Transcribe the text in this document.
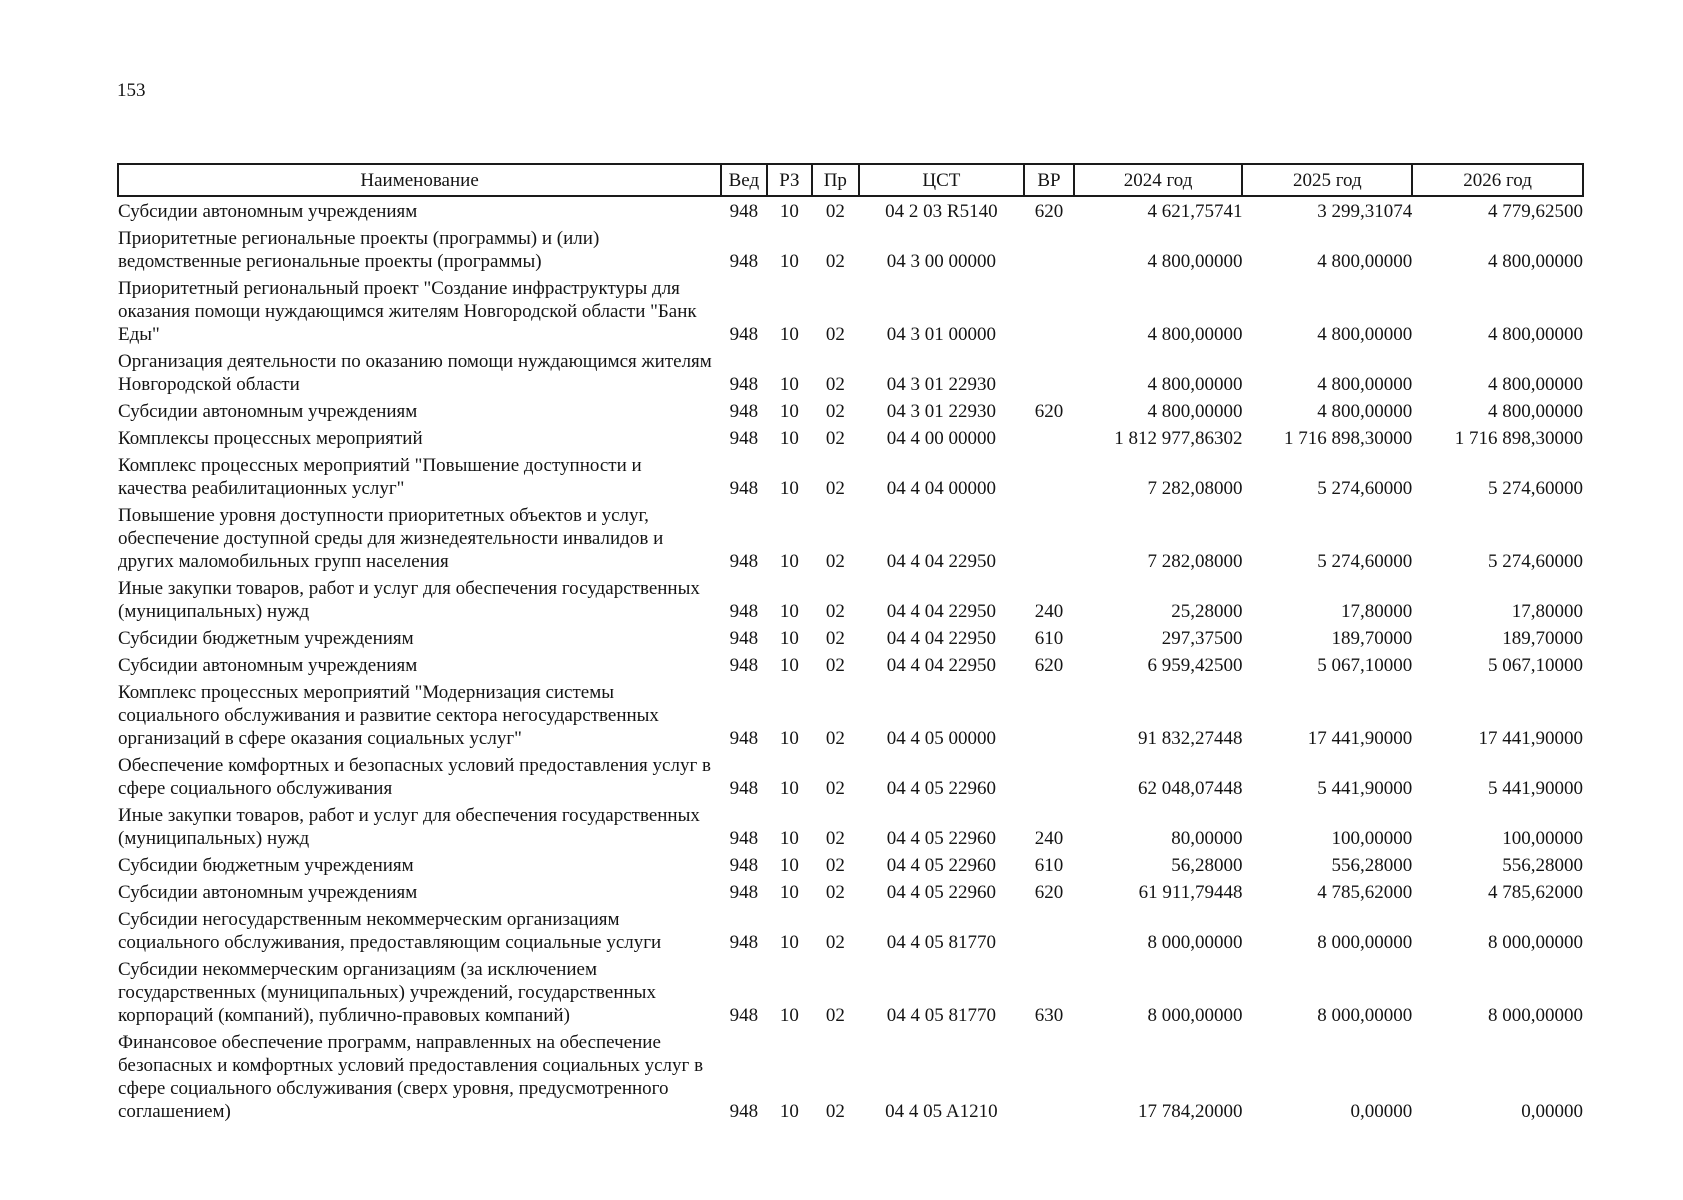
153
Наименование	Вед	РЗ	Пр	ЦСТ	ВР	2024 год	2025 год	2026 год
Субсидии автономным учреждениям	948	10	02	04 2 03 R5140	620	4 621,75741	3 299,31074	4 779,62500
Приоритетные региональные проекты (программы) и (или) ведомственные региональные проекты (программы)	948	10	02	04 3 00 00000		4 800,00000	4 800,00000	4 800,00000
Приоритетный региональный проект "Создание инфраструктуры для оказания помощи нуждающимся жителям Новгородской области "Банк Еды"	948	10	02	04 3 01 00000		4 800,00000	4 800,00000	4 800,00000
Организация деятельности по оказанию помощи нуждающимся жителям Новгородской области	948	10	02	04 3 01 22930		4 800,00000	4 800,00000	4 800,00000
Субсидии автономным учреждениям	948	10	02	04 3 01 22930	620	4 800,00000	4 800,00000	4 800,00000
Комплексы процессных мероприятий	948	10	02	04 4 00 00000		1 812 977,86302	1 716 898,30000	1 716 898,30000
Комплекс процессных мероприятий "Повышение доступности и качества реабилитационных услуг"	948	10	02	04 4 04 00000		7 282,08000	5 274,60000	5 274,60000
Повышение уровня доступности приоритетных объектов и услуг, обеспечение доступной среды для жизнедеятельности инвалидов и других маломобильных групп населения	948	10	02	04 4 04 22950		7 282,08000	5 274,60000	5 274,60000
Иные закупки товаров, работ и услуг для обеспечения государственных (муниципальных) нужд	948	10	02	04 4 04 22950	240	25,28000	17,80000	17,80000
Субсидии бюджетным учреждениям	948	10	02	04 4 04 22950	610	297,37500	189,70000	189,70000
Субсидии автономным учреждениям	948	10	02	04 4 04 22950	620	6 959,42500	5 067,10000	5 067,10000
Комплекс процессных мероприятий "Модернизация системы социального обслуживания и развитие сектора негосударственных организаций в сфере оказания социальных услуг"	948	10	02	04 4 05 00000		91 832,27448	17 441,90000	17 441,90000
Обеспечение комфортных и безопасных условий предоставления услуг в сфере социального обслуживания	948	10	02	04 4 05 22960		62 048,07448	5 441,90000	5 441,90000
Иные закупки товаров, работ и услуг для обеспечения государственных (муниципальных) нужд	948	10	02	04 4 05 22960	240	80,00000	100,00000	100,00000
Субсидии бюджетным учреждениям	948	10	02	04 4 05 22960	610	56,28000	556,28000	556,28000
Субсидии автономным учреждениям	948	10	02	04 4 05 22960	620	61 911,79448	4 785,62000	4 785,62000
Субсидии негосударственным некоммерческим организациям социального обслуживания, предоставляющим социальные услуги	948	10	02	04 4 05 81770		8 000,00000	8 000,00000	8 000,00000
Субсидии некоммерческим организациям (за исключением государственных (муниципальных) учреждений, государственных корпораций (компаний), публично-правовых компаний)	948	10	02	04 4 05 81770	630	8 000,00000	8 000,00000	8 000,00000
Финансовое обеспечение программ, направленных на обеспечение безопасных и комфортных условий предоставления социальных услуг в сфере социального обслуживания (сверх уровня, предусмотренного соглашением)	948	10	02	04 4 05 A1210		17 784,20000	0,00000	0,00000
